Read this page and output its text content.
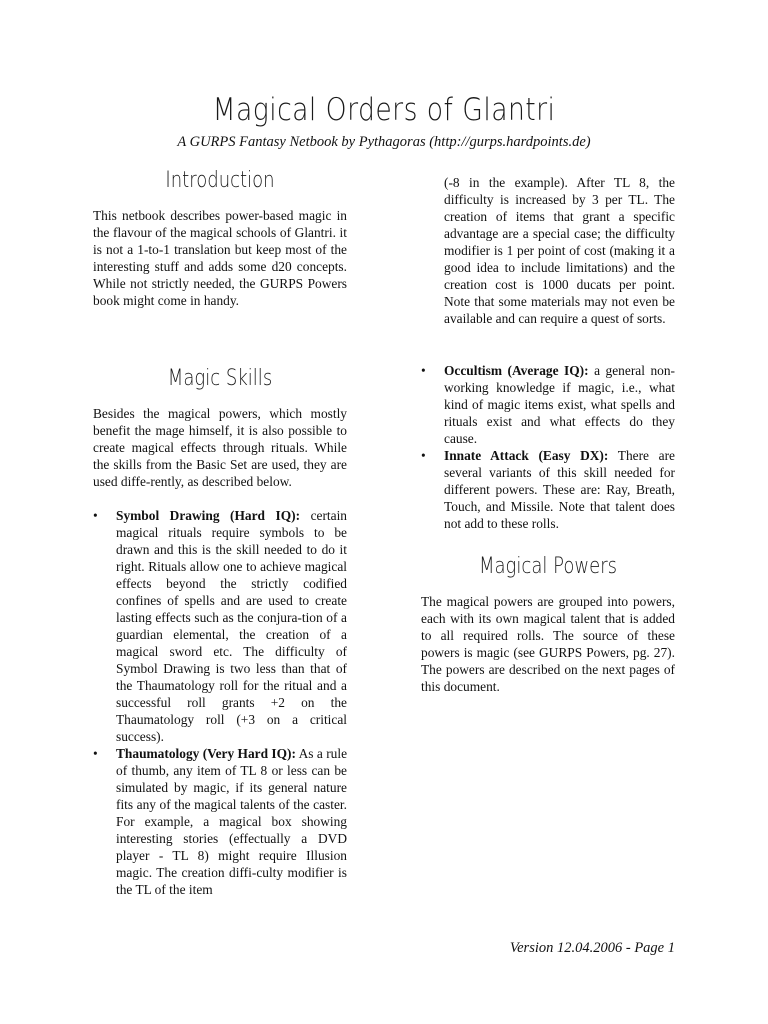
Magical Orders of Glantri

A GURPS Fantasy Netbook by Pythagoras (http://gurps.hardpoints.de)

Introduction

This netbook describes power-based magic in the flavour of the magical schools of Glantri. it is not a 1-to-1 translation but keep most of the interesting stuff and adds some d20 concepts. While not strictly needed, the GURPS Powers book might come in handy.

Magic Skills

Besides the magical powers, which mostly benefit the mage himself, it is also possible to create magical effects through rituals. While the skills from the Basic Set are used, they are used diffe-rently, as described below.

• Symbol Drawing (Hard IQ): certain magical rituals require symbols to be drawn and this is the skill needed to do it right. Rituals allow one to achieve magical effects beyond the strictly codified confines of spells and are used to create lasting effects such as the conjura-tion of a guardian elemental, the creation of a magical sword etc. The difficulty of Symbol Drawing is two less than that of the Thaumatology roll for the ritual and a successful roll grants +2 on the Thaumatology roll (+3 on a critical success).
• Thaumatology (Very Hard IQ): As a rule of thumb, any item of TL 8 or less can be simulated by magic, if its general nature fits any of the magical talents of the caster. For example, a magical box showing interesting stories (effectually a DVD player - TL 8) might require Illusion magic. The creation diffi-culty modifier is the TL of the item

(-8 in the example). After TL 8, the difficulty is increased by 3 per TL. The creation of items that grant a specific advantage are a special case; the difficulty modifier is 1 per point of cost (making it a good idea to include limitations) and the creation cost is 1000 ducats per point. Note that some materials may not even be available and can require a quest of sorts.

• Occultism (Average IQ): a general non-working knowledge if magic, i.e., what kind of magic items exist, what spells and rituals exist and what effects do they cause.
• Innate Attack (Easy DX): There are several variants of this skill needed for different powers. These are: Ray, Breath, Touch, and Missile. Note that talent does not add to these rolls.
Magical Powers

The magical powers are grouped into powers, each with its own magical talent that is added to all required rolls. The source of these powers is magic (see GURPS Powers, pg. 27). The powers are described on the next pages of this document.

Version 12.04.2006 - Page 1
